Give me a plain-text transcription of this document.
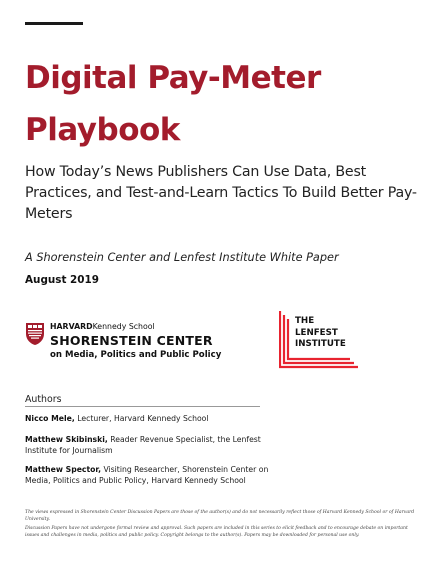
Digital Pay-Meter
Playbook
How Today’s News Publishers Can Use Data, Best Practices, and Test-and-Learn Tactics To Build Better Pay-Meters
A Shorenstein Center and Lenfest Institute White Paper
August 2019
HARVARDKennedy School
SHORENSTEIN CENTER
on Media, Politics and Public Policy
THE
LENFEST
INSTITUTE
Authors
Nicco Mele, Lecturer, Harvard Kennedy School
Matthew Skibinski, Reader Revenue Specialist, the Lenfest Institute for Journalism
Matthew Spector, Visiting Researcher, Shorenstein Center on Media, Politics and Public Policy, Harvard Kennedy School
The views expressed in Shorenstein Center Discussion Papers are those of the author(s) and do not necessarily reflect those of Harvard Kennedy School or of Harvard University.
Discussion Papers have not undergone formal review and approval. Such papers are included in this series to elicit feedback and to encourage debate on important issues and challenges in media, politics and public policy. Copyright belongs to the author(s). Papers may be downloaded for personal use only.
